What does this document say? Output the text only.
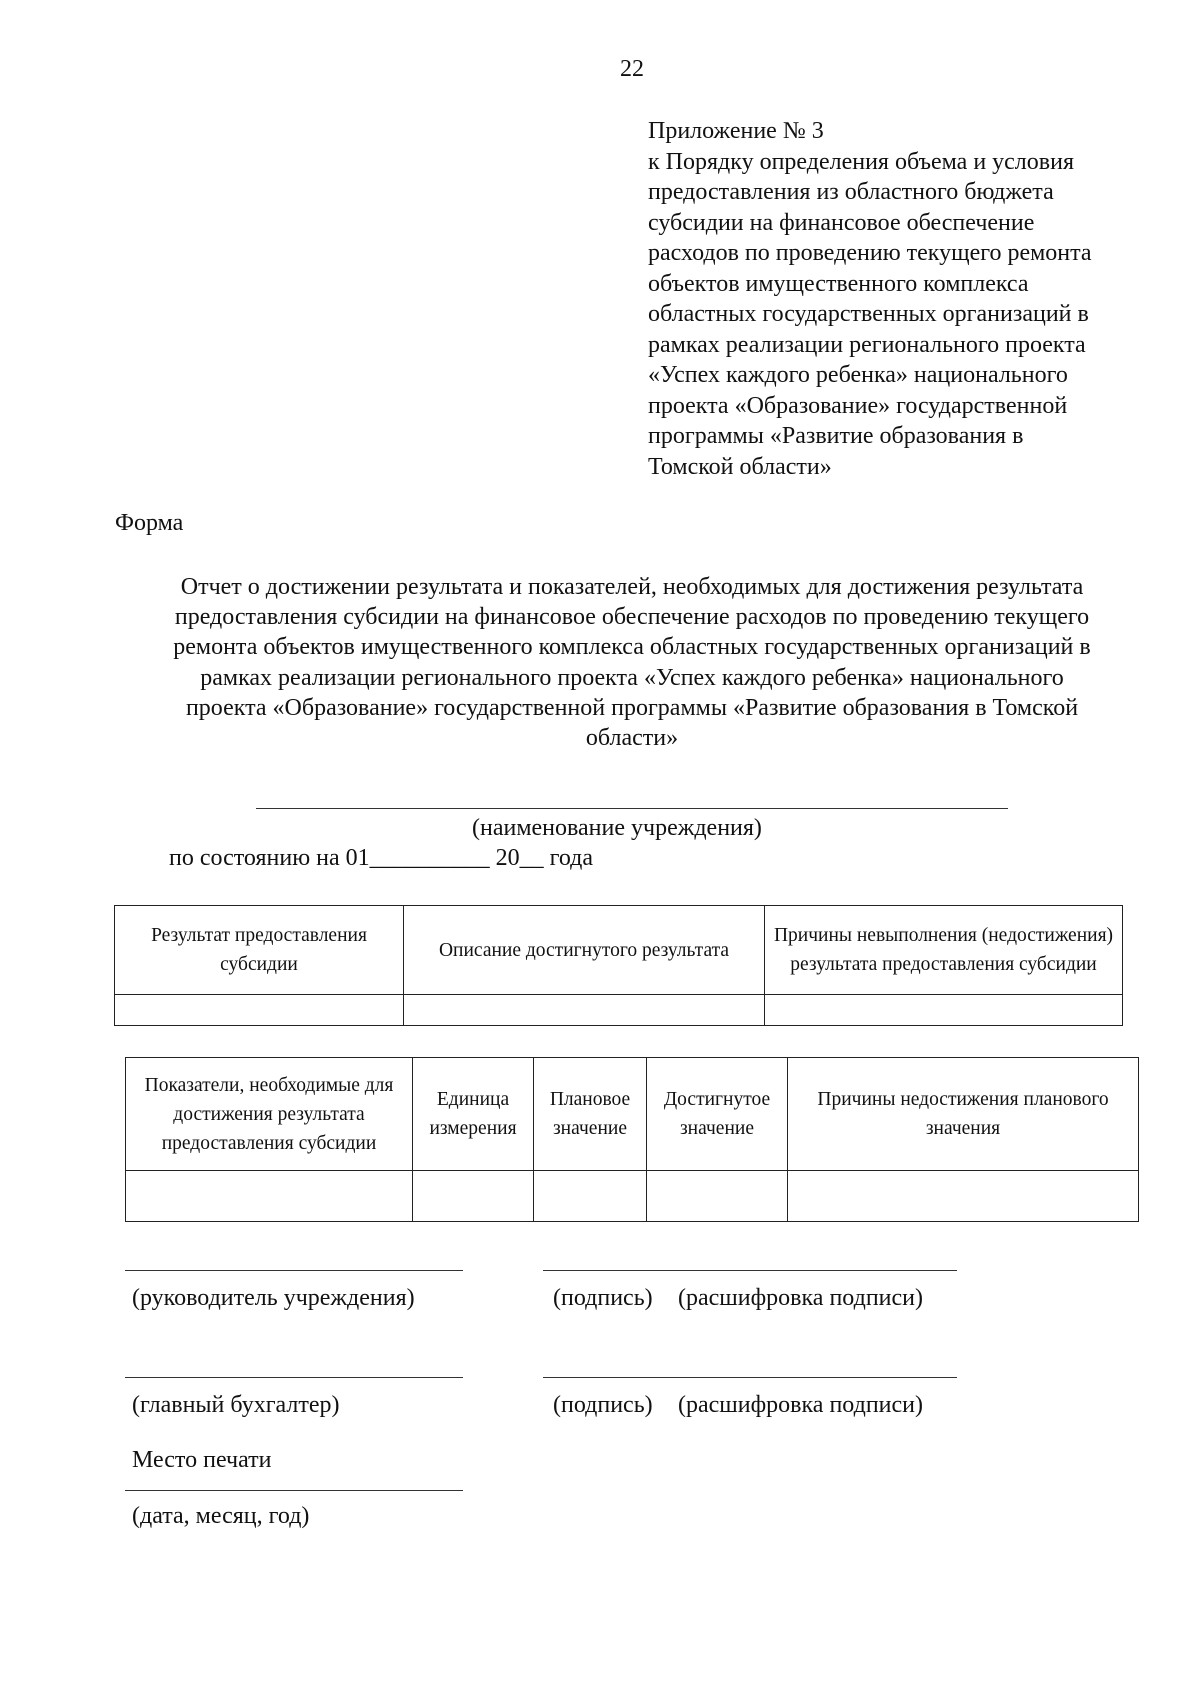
22
Приложение № 3
к Порядку определения объема и условия
предоставления из областного бюджета
субсидии на финансовое обеспечение
расходов по проведению текущего ремонта
объектов имущественного комплекса
областных государственных организаций в
рамках реализации регионального проекта
«Успех каждого ребенка» национального
проекта «Образование» государственной
программы «Развитие образования в
Томской области»
Форма
Отчет о достижении результата и показателей, необходимых для достижения результата
предоставления субсидии на финансовое обеспечение расходов по проведению текущего
ремонта объектов имущественного комплекса областных государственных организаций в
рамках реализации регионального проекта «Успех каждого ребенка» национального
проекта «Образование» государственной программы «Развитие образования в Томской
области»
(наименование учреждения)
по состоянию на 01__________ 20__ года
Результат предоставления субсидии	Описание достигнутого результата	Причины невыполнения (недостижения) результата предоставления субсидии

Показатели, необходимые для достижения результата предоставления субсидии	Единица измерения	Плановое значение	Достигнутое значение	Причины недостижения планового значения

(руководитель учреждения)	(подпись) (расшифровка подписи)
(главный бухгалтер)	(подпись) (расшифровка подписи)
Место печати
(дата, месяц, год)
